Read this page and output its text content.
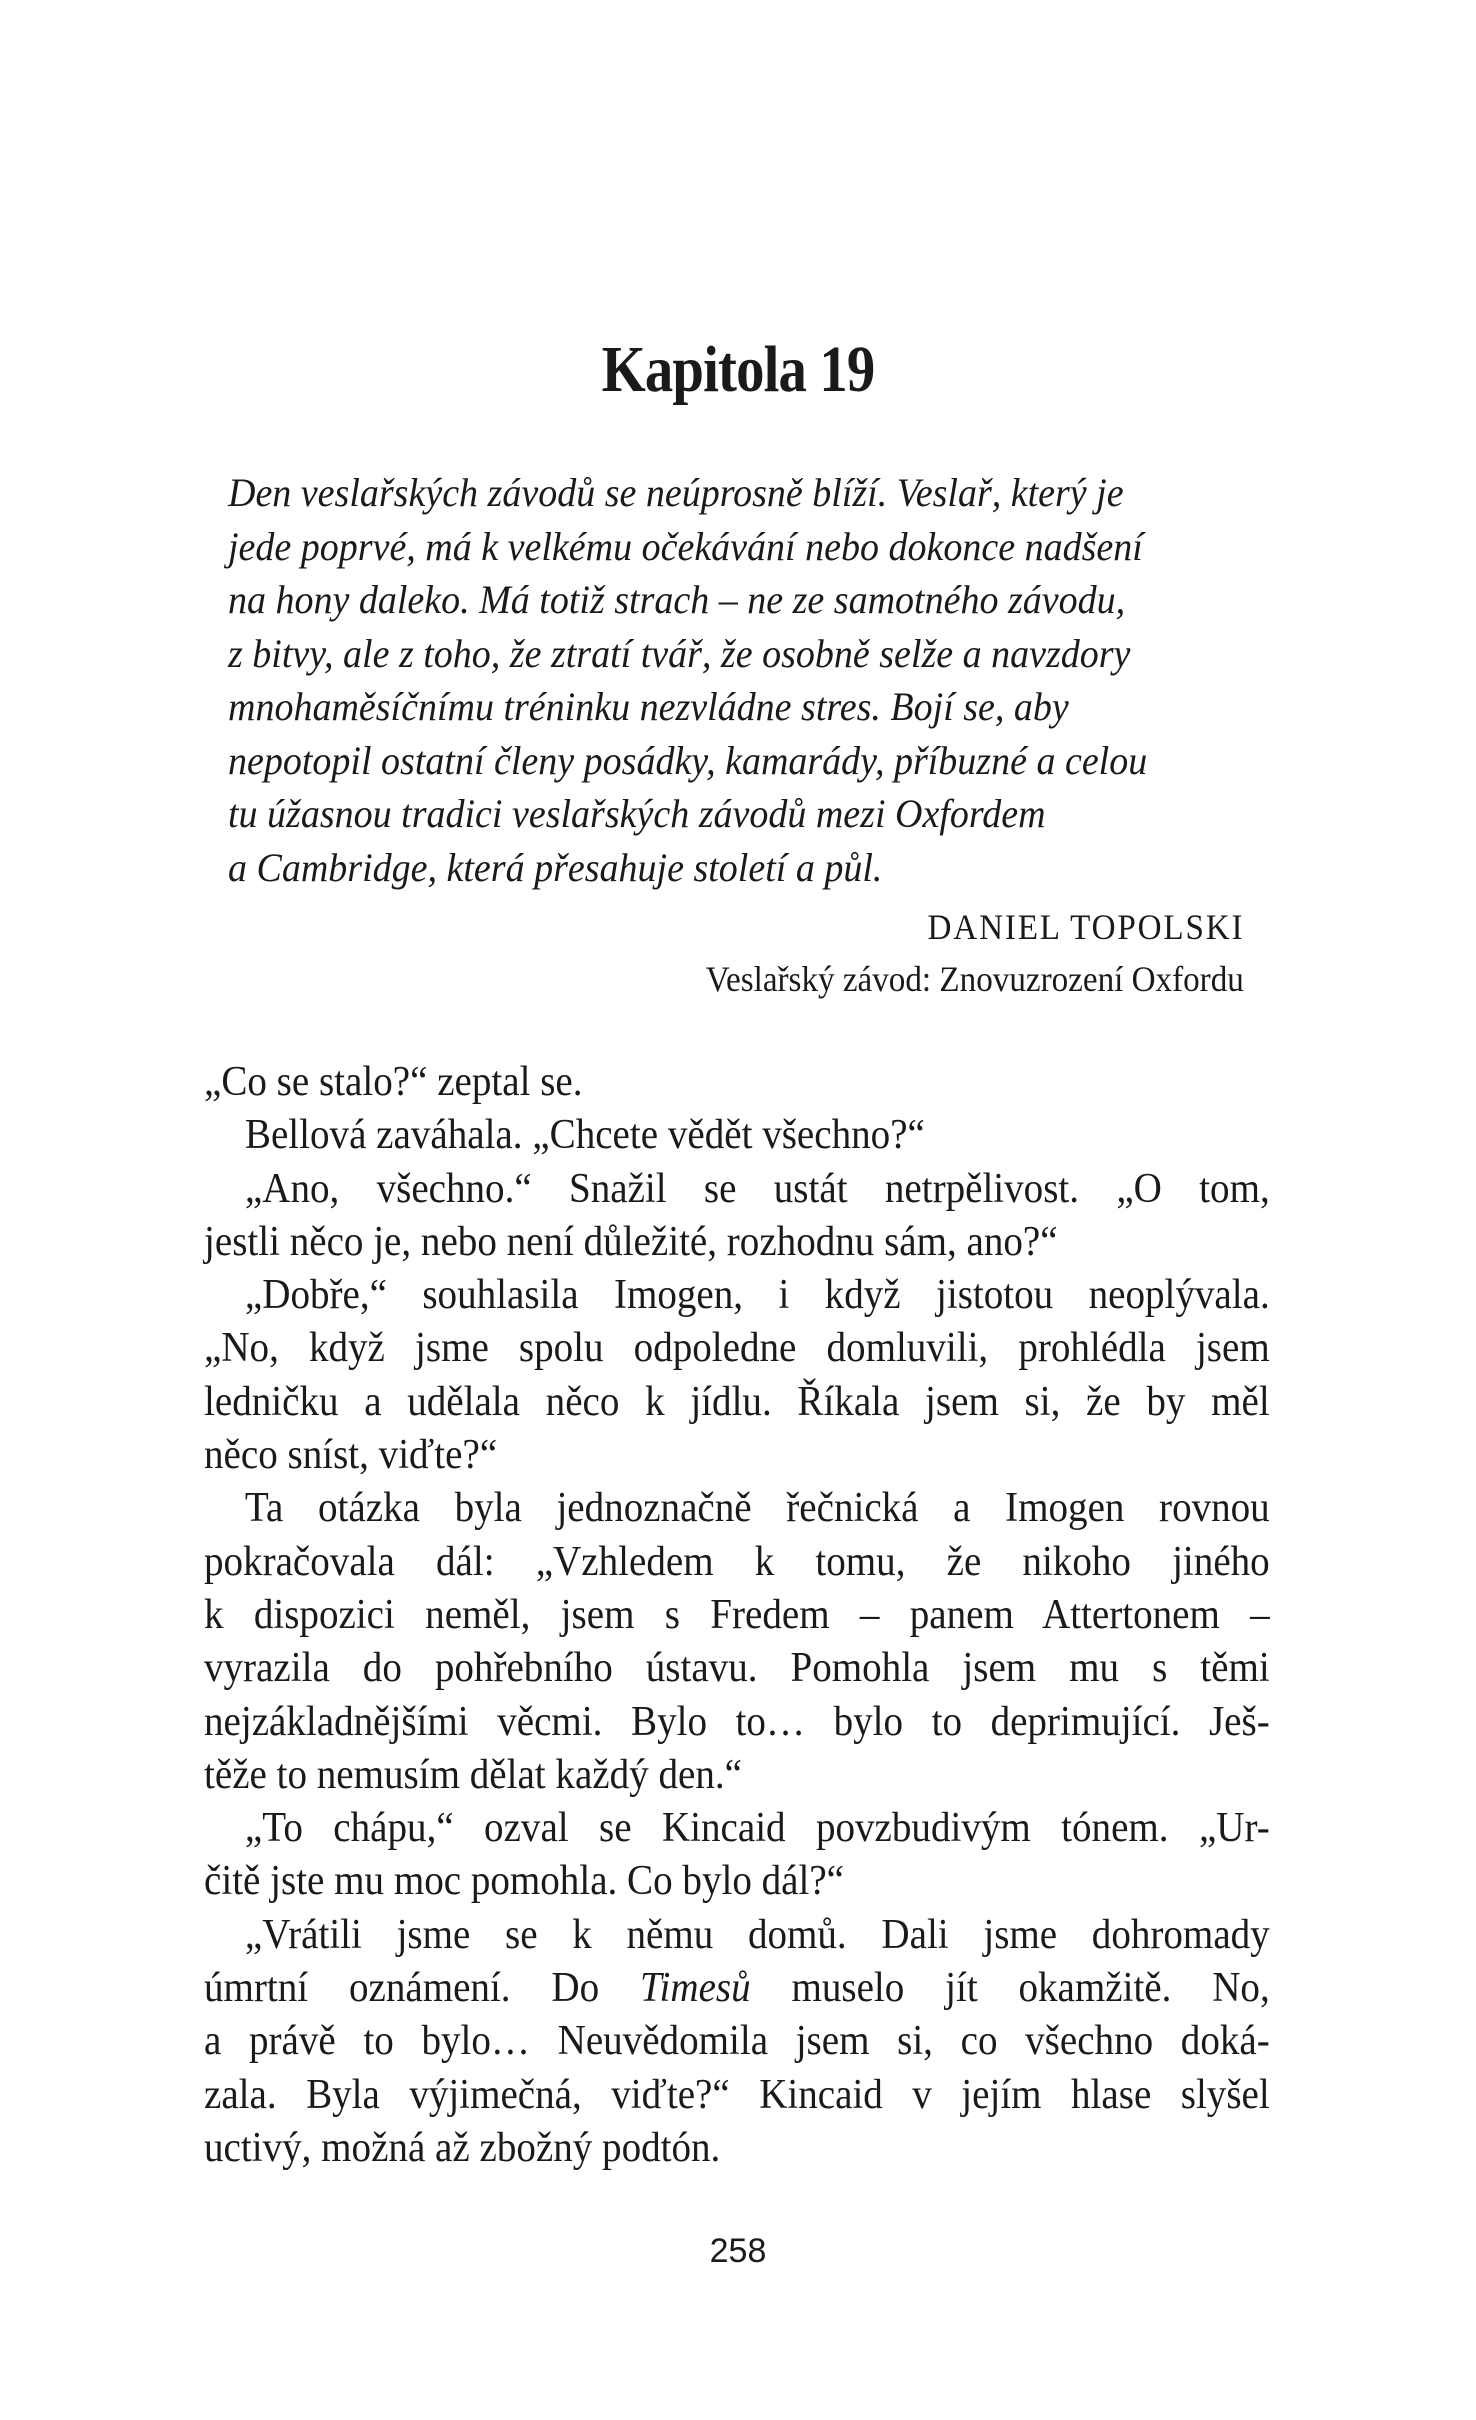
Kapitola 19
Den veslařských závodů se neúprosně blíží. Veslař, který je
jede poprvé, má k velkému očekávání nebo dokonce nadšení
na hony daleko. Má totiž strach – ne ze samotného závodu,
z bitvy, ale z toho, že ztratí tvář, že osobně selže a navzdory
mnohaměsíčnímu tréninku nezvládne stres. Bojí se, aby
nepotopil ostatní členy posádky, kamarády, příbuzné a celou
tu úžasnou tradici veslařských závodů mezi Oxfordem
a Cambridge, která přesahuje století a půl.
DANIEL TOPOLSKI
Veslařský závod: Znovuzrození Oxfordu
„Co se stalo?“ zeptal se.
Bellová zaváhala. „Chcete vědět všechno?“
„Ano, všechno.“ Snažil se ustát netrpělivost. „O tom,
jestli něco je, nebo není důležité, rozhodnu sám, ano?“
„Dobře,“ souhlasila Imogen, i když jistotou neoplývala.
„No, když jsme spolu odpoledne domluvili, prohlédla jsem
ledničku a udělala něco k jídlu. Říkala jsem si, že by měl
něco sníst, viďte?“
Ta otázka byla jednoznačně řečnická a Imogen rovnou
pokračovala dál: „Vzhledem k tomu, že nikoho jiného
k dispozici neměl, jsem s Fredem – panem Attertonem –
vyrazila do pohřebního ústavu. Pomohla jsem mu s těmi
nejzákladnějšími věcmi. Bylo to… bylo to deprimující. Ješ-
těže to nemusím dělat každý den.“
„To chápu,“ ozval se Kincaid povzbudivým tónem. „Ur-
čitě jste mu moc pomohla. Co bylo dál?“
„Vrátili jsme se k němu domů. Dali jsme dohromady
úmrtní oznámení. Do Timesů muselo jít okamžitě. No,
a právě to bylo… Neuvědomila jsem si, co všechno doká-
zala. Byla výjimečná, viďte?“ Kincaid v jejím hlase slyšel
uctivý, možná až zbožný podtón.
258
